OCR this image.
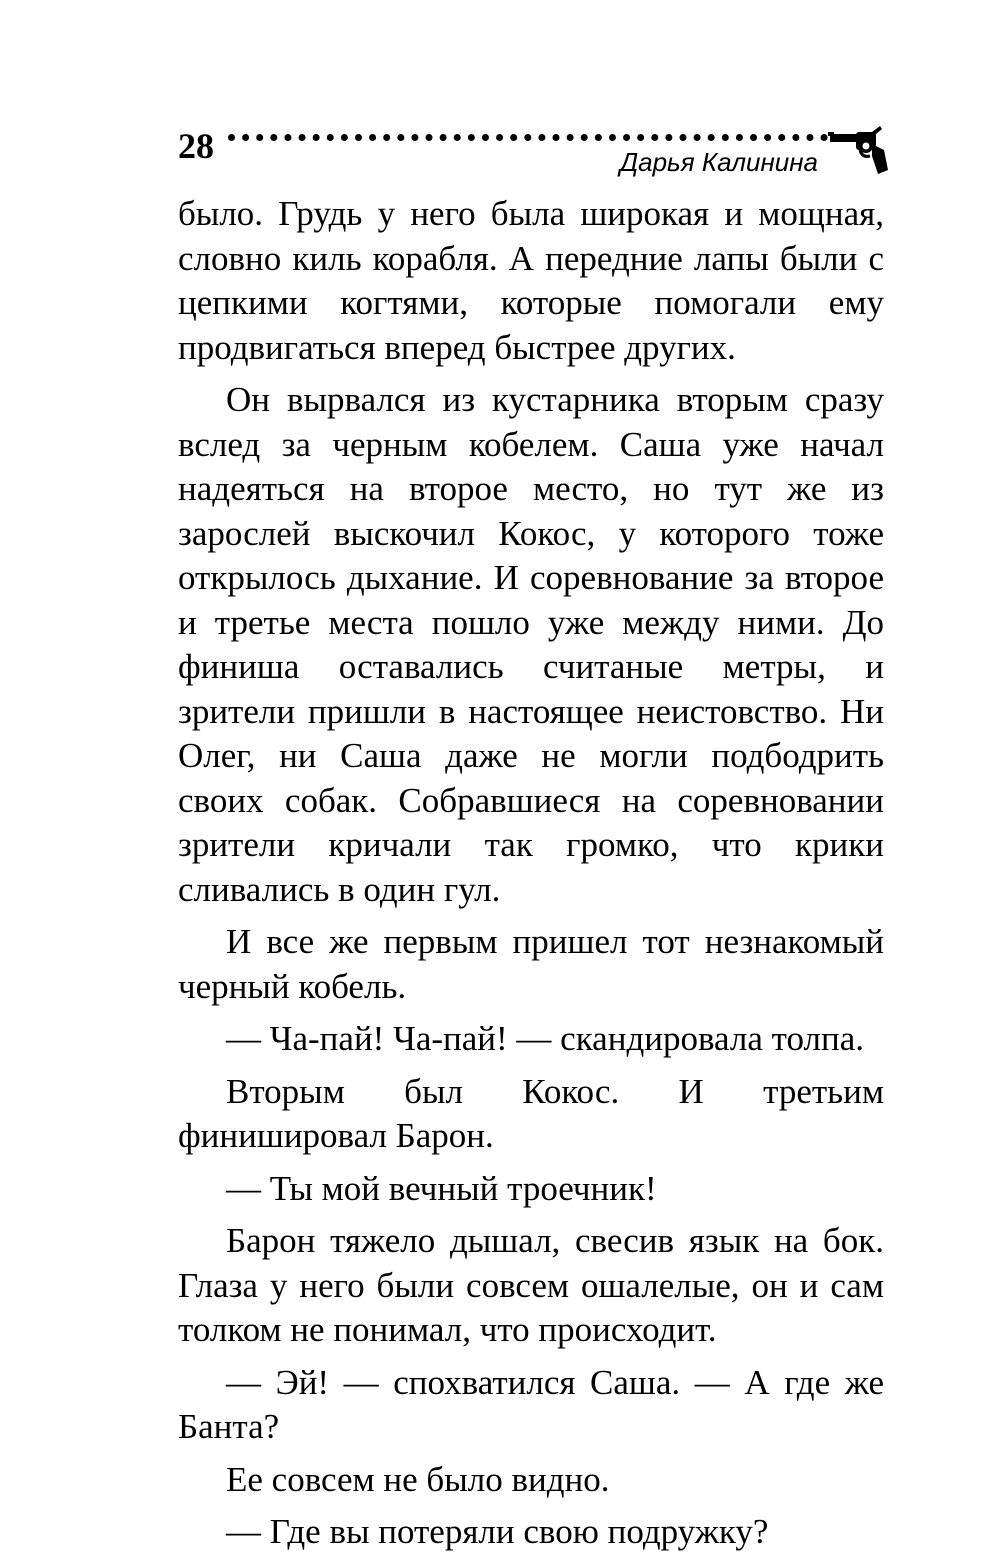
28	Дарья Калинина

было. Грудь у него была широкая и мощная, словно киль корабля. А передние лапы были с цепкими когтями, которые помогали ему продвигаться вперед быстрее других.

Он вырвался из кустарника вторым сразу вслед за черным кобелем. Саша уже начал надеяться на второе место, но тут же из зарослей выскочил Кокос, у которого тоже открылось дыхание. И соревнование за второе и третье места пошло уже между ними. До финиша оставались считаные метры, и зрители пришли в настоящее неистовство. Ни Олег, ни Саша даже не могли подбодрить своих собак. Собравшиеся на соревновании зрители кричали так громко, что крики сливались в один гул.

И все же первым пришел тот незнакомый черный кобель.

— Ча-пай! Ча-пай! — скандировала толпа.

Вторым был Кокос. И третьим финишировал Барон.

— Ты мой вечный троечник!

Барон тяжело дышал, свесив язык на бок. Глаза у него были совсем ошалелые, он и сам толком не понимал, что происходит.

— Эй! — спохватился Саша. — А где же Банта?

Ее совсем не было видно.

— Где вы потеряли свою подружку?
